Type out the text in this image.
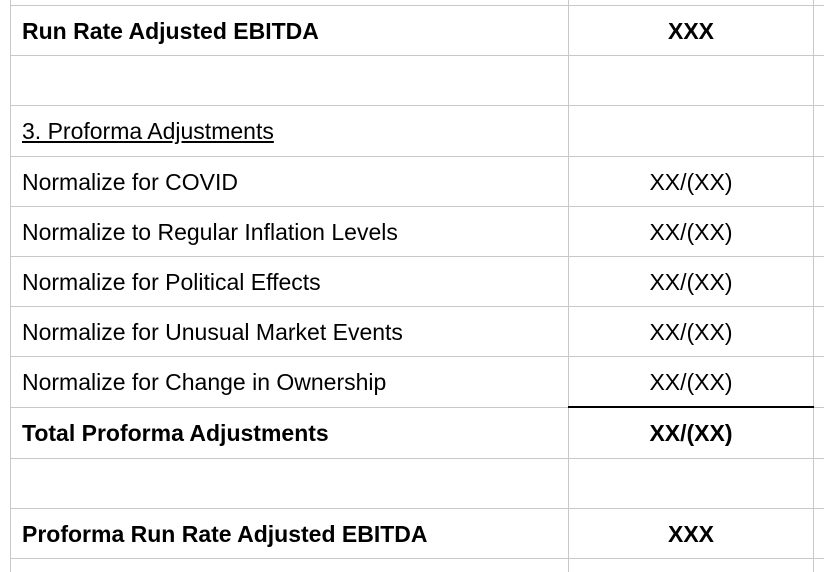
Run Rate Adjusted EBITDA	XXX
3. Proforma Adjustments
Normalize for COVID	XX/(XX)
Normalize to Regular Inflation Levels	XX/(XX)
Normalize for Political Effects	XX/(XX)
Normalize for Unusual Market Events	XX/(XX)
Normalize for Change in Ownership	XX/(XX)
Total Proforma Adjustments	XX/(XX)
Proforma Run Rate Adjusted EBITDA	XXX
